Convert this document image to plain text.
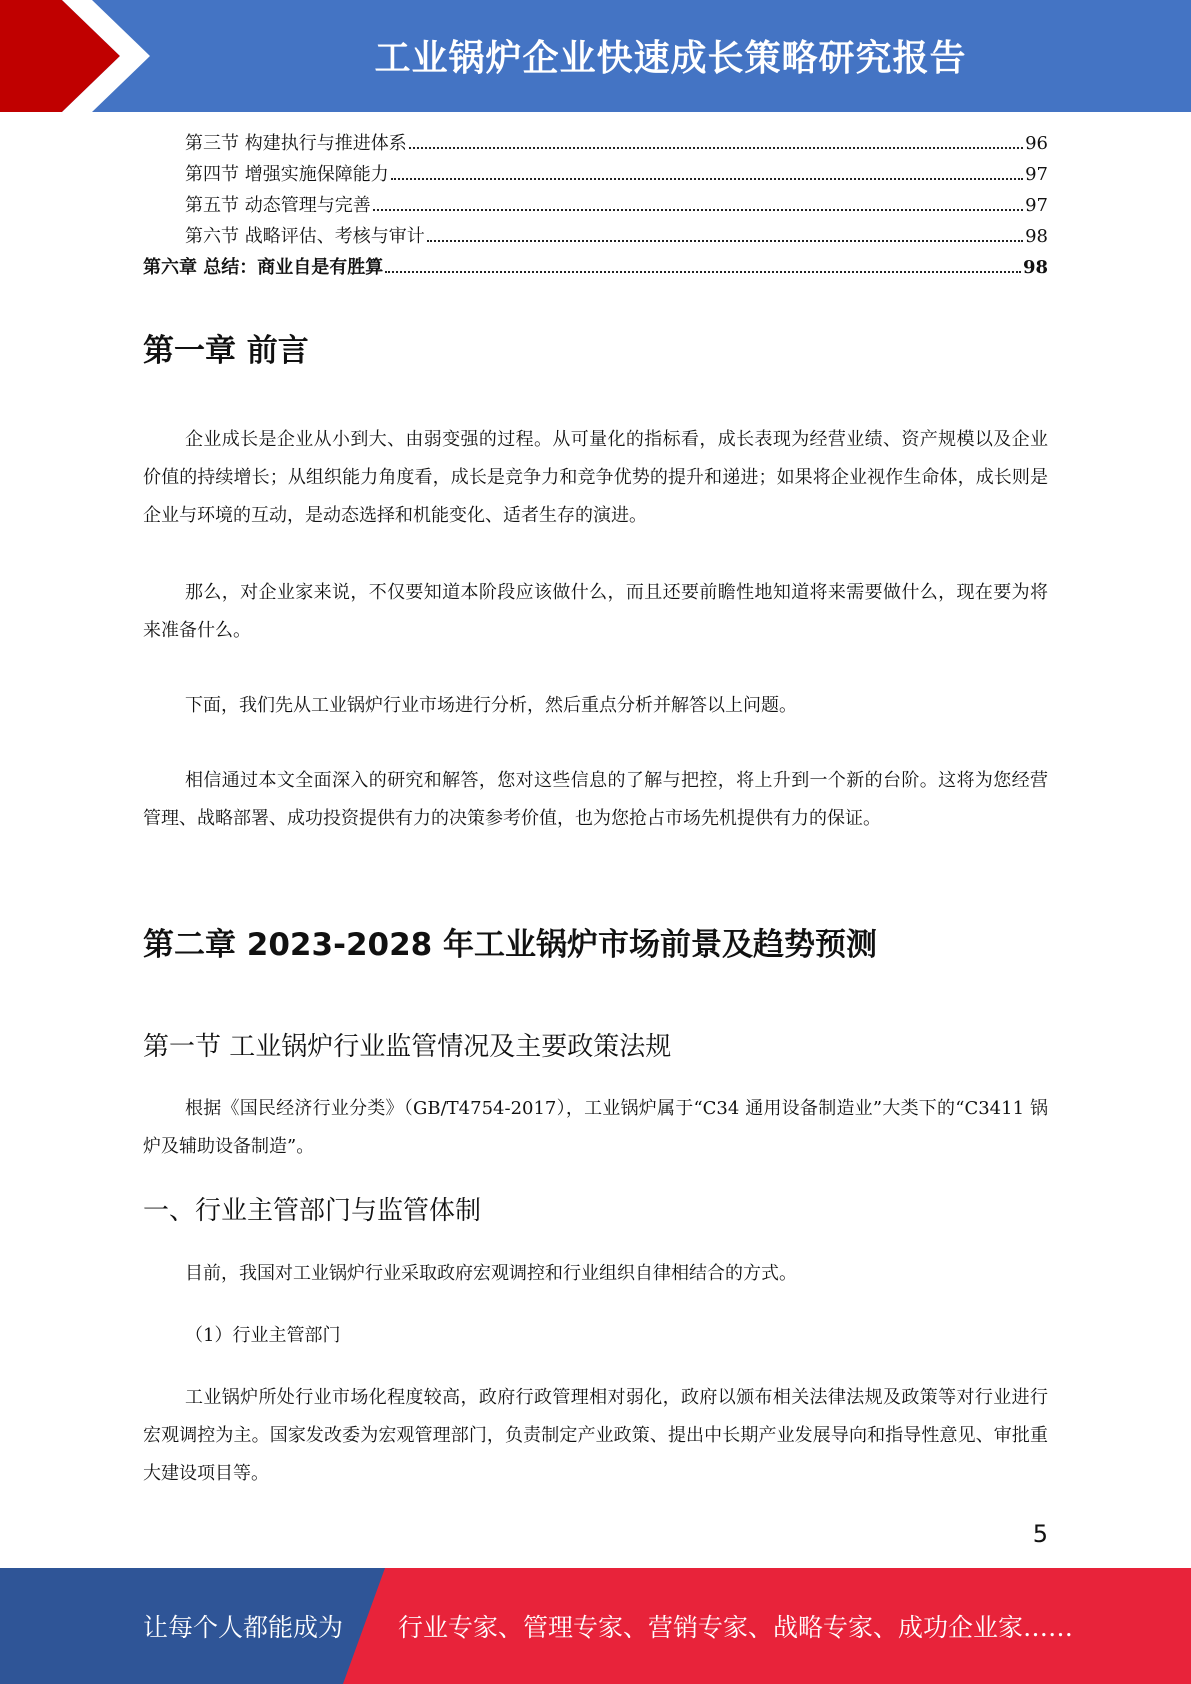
工业锅炉企业快速成长策略研究报告
第三节 构建执行与推进体系	96
第四节 增强实施保障能力	97
第五节 动态管理与完善	97
第六节 战略评估、考核与审计	98
第六章 总结：商业自是有胜算	98
第一章 前言

企业成长是企业从小到大、由弱变强的过程。从可量化的指标看，成长表现为经营业绩、资产规模以及企业价值的持续增长；从组织能力角度看，成长是竞争力和竞争优势的提升和递进；如果将企业视作生命体，成长则是企业与环境的互动，是动态选择和机能变化、适者生存的演进。

那么，对企业家来说，不仅要知道本阶段应该做什么，而且还要前瞻性地知道将来需要做什么，现在要为将来准备什么。

下面，我们先从工业锅炉行业市场进行分析，然后重点分析并解答以上问题。

相信通过本文全面深入的研究和解答，您对这些信息的了解与把控，将上升到一个新的台阶。这将为您经营管理、战略部署、成功投资提供有力的决策参考价值，也为您抢占市场先机提供有力的保证。

第二章 2023-2028 年工业锅炉市场前景及趋势预测
第一节 工业锅炉行业监管情况及主要政策法规

根据《国民经济行业分类》（GB/T4754-2017），工业锅炉属于“C34 通用设备制造业”大类下的“C3411 锅炉及辅助设备制造”。

一、行业主管部门与监管体制

目前，我国对工业锅炉行业采取政府宏观调控和行业组织自律相结合的方式。

（1）行业主管部门

工业锅炉所处行业市场化程度较高，政府行政管理相对弱化，政府以颁布相关法律法规及政策等对行业进行宏观调控为主。国家发改委为宏观管理部门，负责制定产业政策、提出中长期产业发展导向和指导性意见、审批重大建设项目等。

5
让每个人都能成为 行业专家、管理专家、营销专家、战略专家、成功企业家……
